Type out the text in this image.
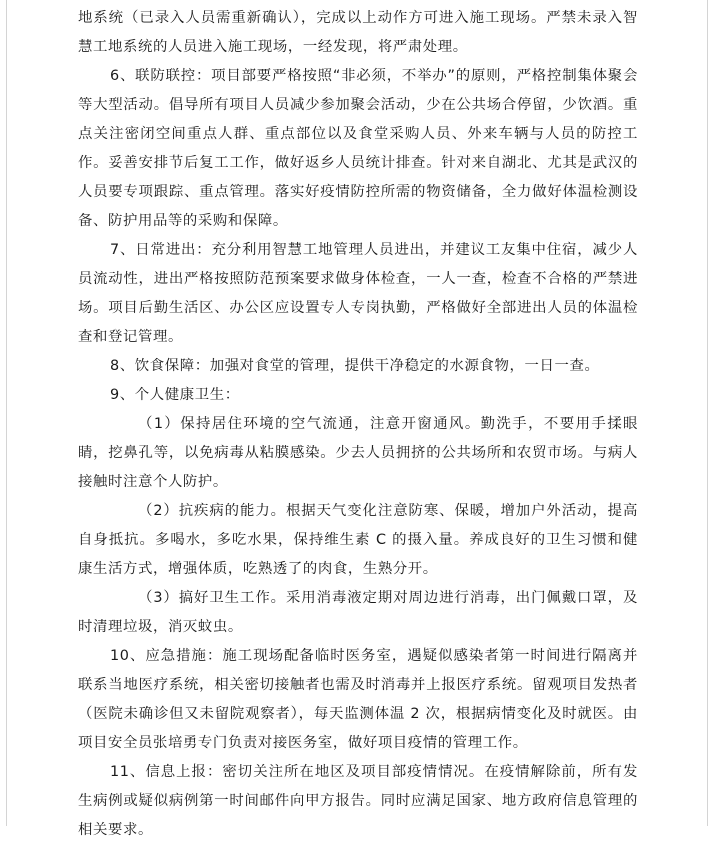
地系统（已录入人员需重新确认），完成以上动作方可进入施工现场。严禁未录入智慧工地系统的人员进入施工现场，一经发现，将严肃处理。

6、联防联控：项目部要严格按照“非必须，不举办”的原则，严格控制集体聚会等大型活动。倡导所有项目人员减少参加聚会活动，少在公共场合停留，少饮酒。重点关注密闭空间重点人群、重点部位以及食堂采购人员、外来车辆与人员的防控工作。妥善安排节后复工工作，做好返乡人员统计排查。针对来自湖北、尤其是武汉的人员要专项跟踪、重点管理。落实好疫情防控所需的物资储备，全力做好体温检测设备、防护用品等的采购和保障。

7、日常进出：充分利用智慧工地管理人员进出，并建议工友集中住宿，减少人员流动性，进出严格按照防范预案要求做身体检查，一人一查，检查不合格的严禁进场。项目后勤生活区、办公区应设置专人专岗执勤，严格做好全部进出人员的体温检查和登记管理。

8、饮食保障：加强对食堂的管理，提供干净稳定的水源食物，一日一查。

9、个人健康卫生：

（1）保持居住环境的空气流通，注意开窗通风。勤洗手，不要用手揉眼睛，挖鼻孔等，以免病毒从粘膜感染。少去人员拥挤的公共场所和农贸市场。与病人接触时注意个人防护。

（2）抗疾病的能力。根据天气变化注意防寒、保暖，增加户外活动，提高自身抵抗。多喝水，多吃水果，保持维生素 C 的摄入量。养成良好的卫生习惯和健康生活方式，增强体质，吃熟透了的肉食，生熟分开。

（3）搞好卫生工作。采用消毒液定期对周边进行消毒，出门佩戴口罩，及时清理垃圾，消灭蚊虫。

10、应急措施：施工现场配备临时医务室，遇疑似感染者第一时间进行隔离并联系当地医疗系统，相关密切接触者也需及时消毒并上报医疗系统。留观项目发热者（医院未确诊但又未留院观察者），每天监测体温 2 次，根据病情变化及时就医。由项目安全员张培勇专门负责对接医务室，做好项目疫情的管理工作。

11、信息上报：密切关注所在地区及项目部疫情情况。在疫情解除前，所有发生病例或疑似病例第一时间邮件向甲方报告。同时应满足国家、地方政府信息管理的相关要求。
